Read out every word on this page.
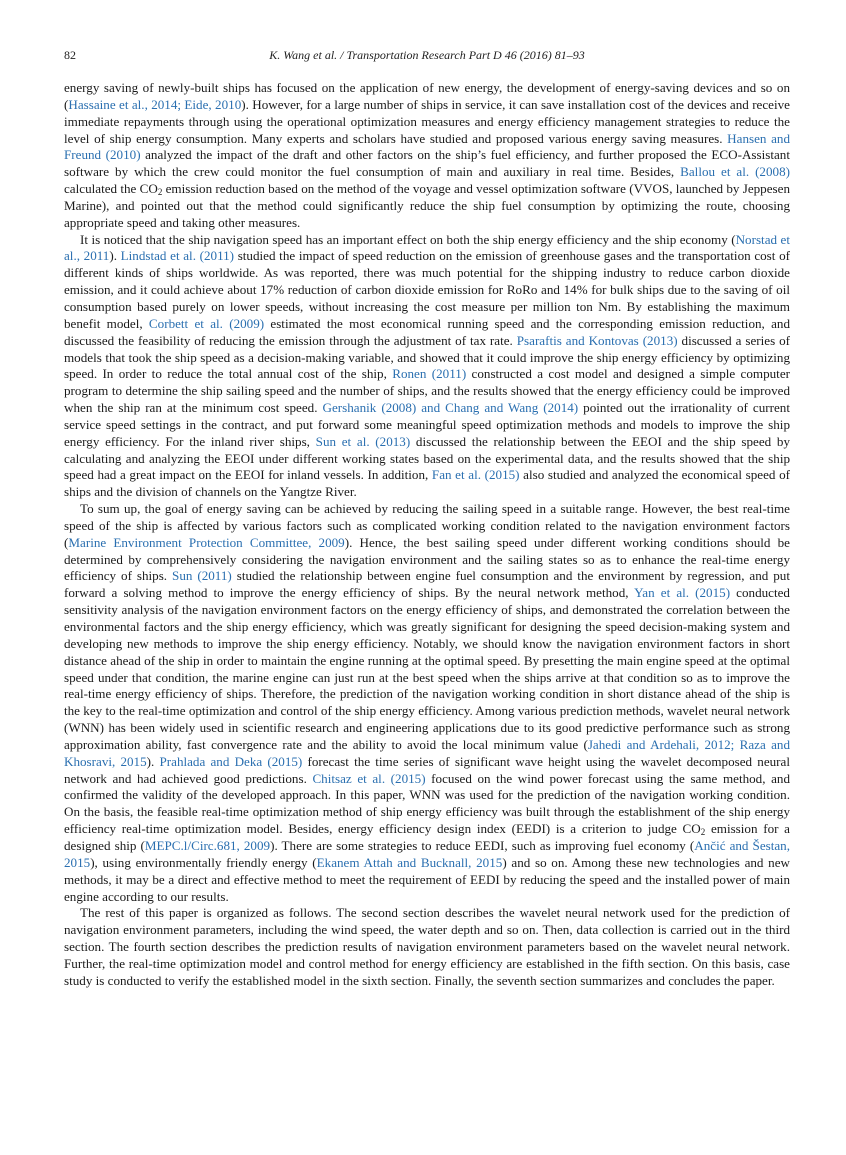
82	K. Wang et al. / Transportation Research Part D 46 (2016) 81–93

energy saving of newly-built ships has focused on the application of new energy, the development of energy-saving devices and so on (Hassaine et al., 2014; Eide, 2010). However, for a large number of ships in service, it can save installation cost of the devices and receive immediate repayments through using the operational optimization measures and energy efficiency management strategies to reduce the level of ship energy consumption. Many experts and scholars have studied and proposed various energy saving measures. Hansen and Freund (2010) analyzed the impact of the draft and other factors on the ship’s fuel efficiency, and further proposed the ECO-Assistant software by which the crew could monitor the fuel consumption of main and auxiliary in real time. Besides, Ballou et al. (2008) calculated the $CO_2$ emission reduction based on the method of the voyage and vessel optimization software (VVOS, launched by Jeppesen Marine), and pointed out that the method could significantly reduce the ship fuel consumption by optimizing the route, choosing appropriate speed and taking other measures.

It is noticed that the ship navigation speed has an important effect on both the ship energy efficiency and the ship economy (Norstad et al., 2011). Lindstad et al. (2011) studied the impact of speed reduction on the emission of greenhouse gases and the transportation cost of different kinds of ships worldwide. As was reported, there was much potential for the shipping industry to reduce carbon dioxide emission, and it could achieve about 17% reduction of carbon dioxide emission for RoRo and 14% for bulk ships due to the saving of oil consumption based purely on lower speeds, without increasing the cost measure per million ton Nm. By establishing the maximum benefit model, Corbett et al. (2009) estimated the most economical running speed and the corresponding emission reduction, and discussed the feasibility of reducing the emission through the adjustment of tax rate. Psaraftis and Kontovas (2013) discussed a series of models that took the ship speed as a decision-making variable, and showed that it could improve the ship energy efficiency by optimizing speed. In order to reduce the total annual cost of the ship, Ronen (2011) constructed a cost model and designed a simple computer program to determine the ship sailing speed and the number of ships, and the results showed that the energy efficiency could be improved when the ship ran at the minimum cost speed. Gershanik (2008) and Chang and Wang (2014) pointed out the irrationality of current service speed settings in the contract, and put forward some meaningful speed optimization methods and models to improve the ship energy efficiency. For the inland river ships, Sun et al. (2013) discussed the relationship between the EEOI and the ship speed by calculating and analyzing the EEOI under different working states based on the experimental data, and the results showed that the ship speed had a great impact on the EEOI for inland vessels. In addition, Fan et al. (2015) also studied and analyzed the economical speed of ships and the division of channels on the Yangtze River.

To sum up, the goal of energy saving can be achieved by reducing the sailing speed in a suitable range. However, the best real-time speed of the ship is affected by various factors such as complicated working condition related to the navigation environment factors (Marine Environment Protection Committee, 2009). Hence, the best sailing speed under different working conditions should be determined by comprehensively considering the navigation environment and the sailing states so as to enhance the real-time energy efficiency of ships. Sun (2011) studied the relationship between engine fuel consumption and the environment by regression, and put forward a solving method to improve the energy efficiency of ships. By the neural network method, Yan et al. (2015) conducted sensitivity analysis of the navigation environment factors on the energy efficiency of ships, and demonstrated the correlation between the environmental factors and the ship energy efficiency, which was greatly significant for designing the speed decision-making system and developing new methods to improve the ship energy efficiency. Notably, we should know the navigation environment factors in short distance ahead of the ship in order to maintain the engine running at the optimal speed. By presetting the main engine speed at the optimal speed under that condition, the marine engine can just run at the best speed when the ships arrive at that condition so as to improve the real-time energy efficiency of ships. Therefore, the prediction of the navigation working condition in short distance ahead of the ship is the key to the real-time optimization and control of the ship energy efficiency. Among various prediction methods, wavelet neural network (WNN) has been widely used in scientific research and engineering applications due to its good predictive performance such as strong approximation ability, fast convergence rate and the ability to avoid the local minimum value (Jahedi and Ardehali, 2012; Raza and Khosravi, 2015). Prahlada and Deka (2015) forecast the time series of significant wave height using the wavelet decomposed neural network and had achieved good predictions. Chitsaz et al. (2015) focused on the wind power forecast using the same method, and confirmed the validity of the developed approach. In this paper, WNN was used for the prediction of the navigation working condition. On the basis, the feasible real-time optimization method of ship energy efficiency was built through the establishment of the ship energy efficiency real-time optimization model. Besides, energy efficiency design index (EEDI) is a criterion to judge $CO_2$ emission for a designed ship (MEPC.l/Circ.681, 2009). There are some strategies to reduce EEDI, such as improving fuel economy (Ančić and Šestan, 2015), using environmentally friendly energy (Ekanem Attah and Bucknall, 2015) and so on. Among these new technologies and new methods, it may be a direct and effective method to meet the requirement of EEDI by reducing the speed and the installed power of main engine according to our results.

The rest of this paper is organized as follows. The second section describes the wavelet neural network used for the prediction of navigation environment parameters, including the wind speed, the water depth and so on. Then, data collection is carried out in the third section. The fourth section describes the prediction results of navigation environment parameters based on the wavelet neural network. Further, the real-time optimization model and control method for energy efficiency are established in the fifth section. On this basis, case study is conducted to verify the established model in the sixth section. Finally, the seventh section summarizes and concludes the paper.
